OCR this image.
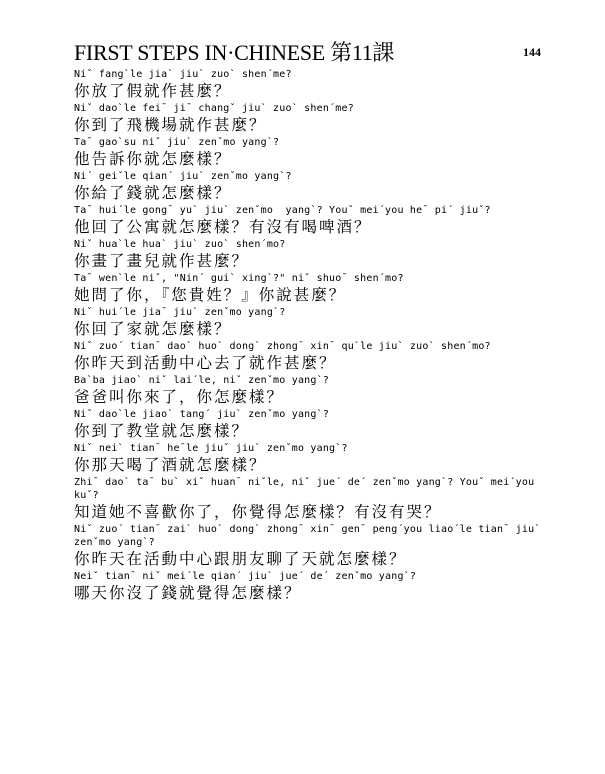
FIRST STEPS IN·CHINESE 第11課	144

Niˇ fang`le jia` jiu` zuo` shen´me?

你放了假就作甚麼？

Niˇ dao`le fei¯ ji¯ changˇ jiu` zuo` shen´me?

你到了飛機場就作甚麼？

Ta¯ gao`su niˇ jiu` zenˇmo yang`?

他告訴你就怎麼樣？

Ni´ geiˇle qian´ jiu` zenˇmo yang`?

你給了錢就怎麼樣？

Ta¯ hui´le gong¯ yu` jiu` zenˇmo  yang`? Youˇ mei´you he¯ pi´ jiuˇ?

他回了公寓就怎麼樣？有沒有喝啤酒？

Niˇ hua`le hua` jiu` zuo` shen´mo?

你畫了畫兒就作甚麼？

Ta¯ wen`le niˇ, "Nin´ gui` xing`?" niˇ shuo¯ shen´mo?

她問了你，『您貴姓？』你說甚麼？

Niˇ hui´le jia¯ jiu` zenˇmo yang`?

你回了家就怎麼樣？

Niˇ zuo´ tian¯ dao` huo` dong` zhong¯ xin¯ qu`le jiu` zuo` shen´mo?

你昨天到活動中心去了就作甚麼？

Ba`ba jiao` niˇ lai´le, niˇ zenˇmo yang`?

爸爸叫你來了，你怎麼樣？

Niˇ dao`le jiao` tang´ jiu` zenˇmo yang`?

你到了教堂就怎麼樣？

Niˇ nei` tian¯ he¯le jiuˇ jiu` zenˇmo yang`?

你那天喝了酒就怎麼樣？

Zhi¯ dao` ta¯ bu` xiˇ huan¯ niˇle, niˇ jue´ de´ zenˇmo yang`? Youˇ mei´you kuˇ?

知道她不喜歡你了，你覺得怎麼樣？有沒有哭？

Niˇ zuo´ tian¯ zai` huo` dong` zhong¯ xin¯ gen¯ peng´you liao´le tian¯ jiu` zenˇmo yang`?

你昨天在活動中心跟朋友聊了天就怎麼樣？

Neiˇ tian¯ niˇ mei´le qian´ jiu` jue´ de´ zenˇmo yang`?

哪天你沒了錢就覺得怎麼樣？
